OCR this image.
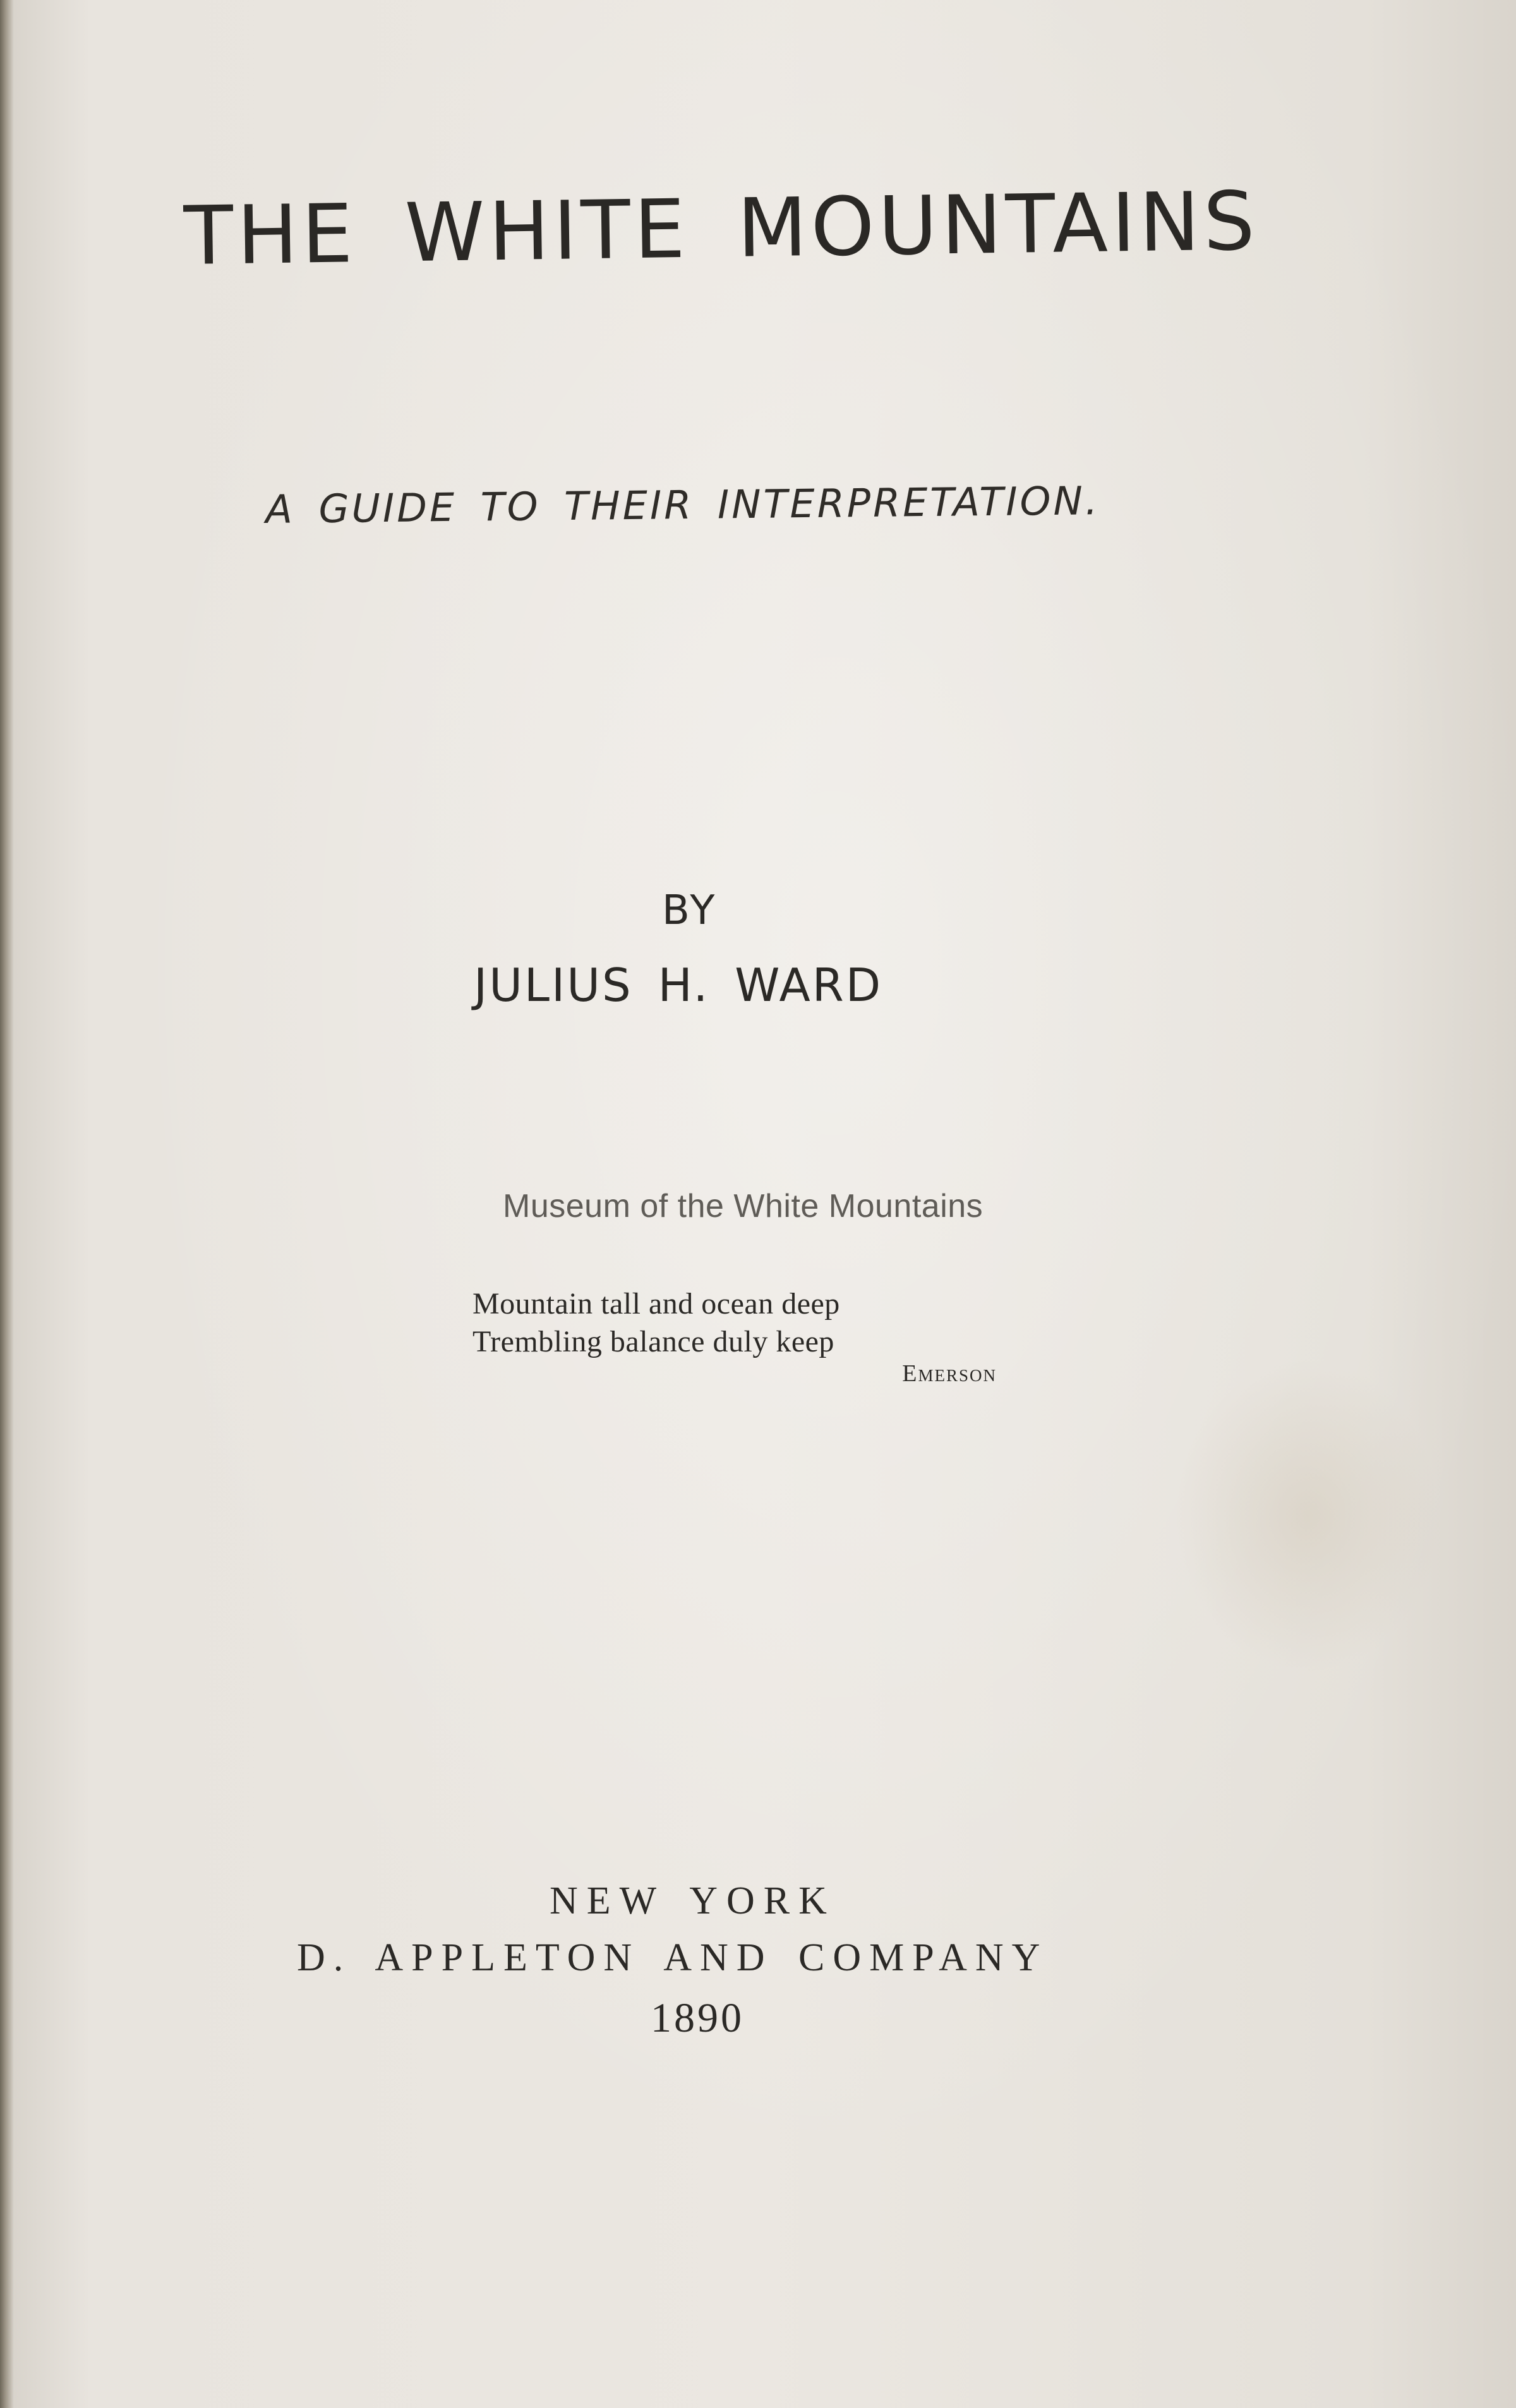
THE WHITE MOUNTAINS
A GUIDE TO THEIR INTERPRETATION.
BY
JULIUS H. WARD
Museum of the White Mountains
Mountain tall and ocean deep
Trembling balance duly keep
Emerson
NEW YORK
D. APPLETON AND COMPANY
1890
